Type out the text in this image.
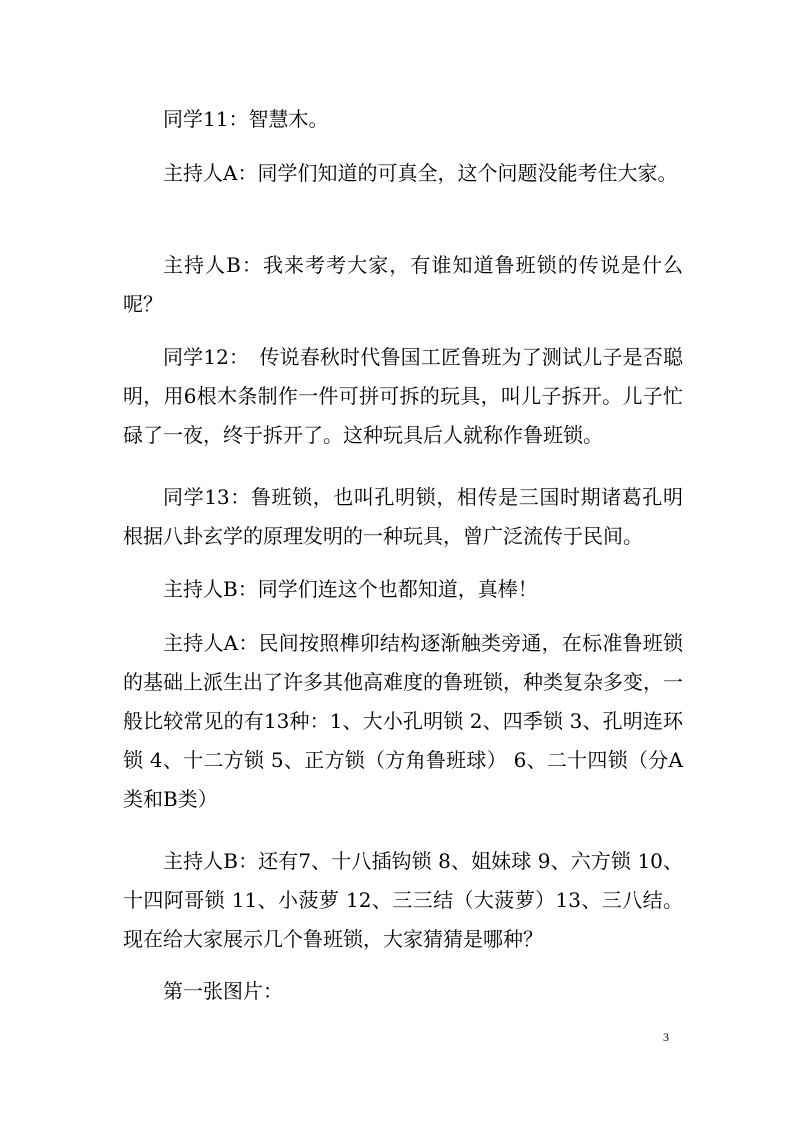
同学11：智慧木。

主持人A：同学们知道的可真全，这个问题没能考住大家。

主持人B：我来考考大家，有谁知道鲁班锁的传说是什么呢？

同学12：　传说春秋时代鲁国工匠鲁班为了测试儿子是否聪明，用6根木条制作一件可拼可拆的玩具，叫儿子拆开。儿子忙碌了一夜，终于拆开了。这种玩具后人就称作鲁班锁。

同学13：鲁班锁，也叫孔明锁，相传是三国时期诸葛孔明根据八卦玄学的原理发明的一种玩具，曾广泛流传于民间。

主持人B：同学们连这个也都知道，真棒！

主持人A：民间按照榫卯结构逐渐触类旁通，在标准鲁班锁的基础上派生出了许多其他高难度的鲁班锁，种类复杂多变，一般比较常见的有13种：1、大小孔明锁 2、四季锁 3、孔明连环锁 4、十二方锁 5、正方锁（方角鲁班球） 6、二十四锁（分A类和B类）

主持人B：还有7、十八插钩锁 8、姐妹球 9、六方锁 10、十四阿哥锁 11、小菠萝 12、三三结（大菠萝）13、三八结。现在给大家展示几个鲁班锁，大家猜猜是哪种？

第一张图片：

3
